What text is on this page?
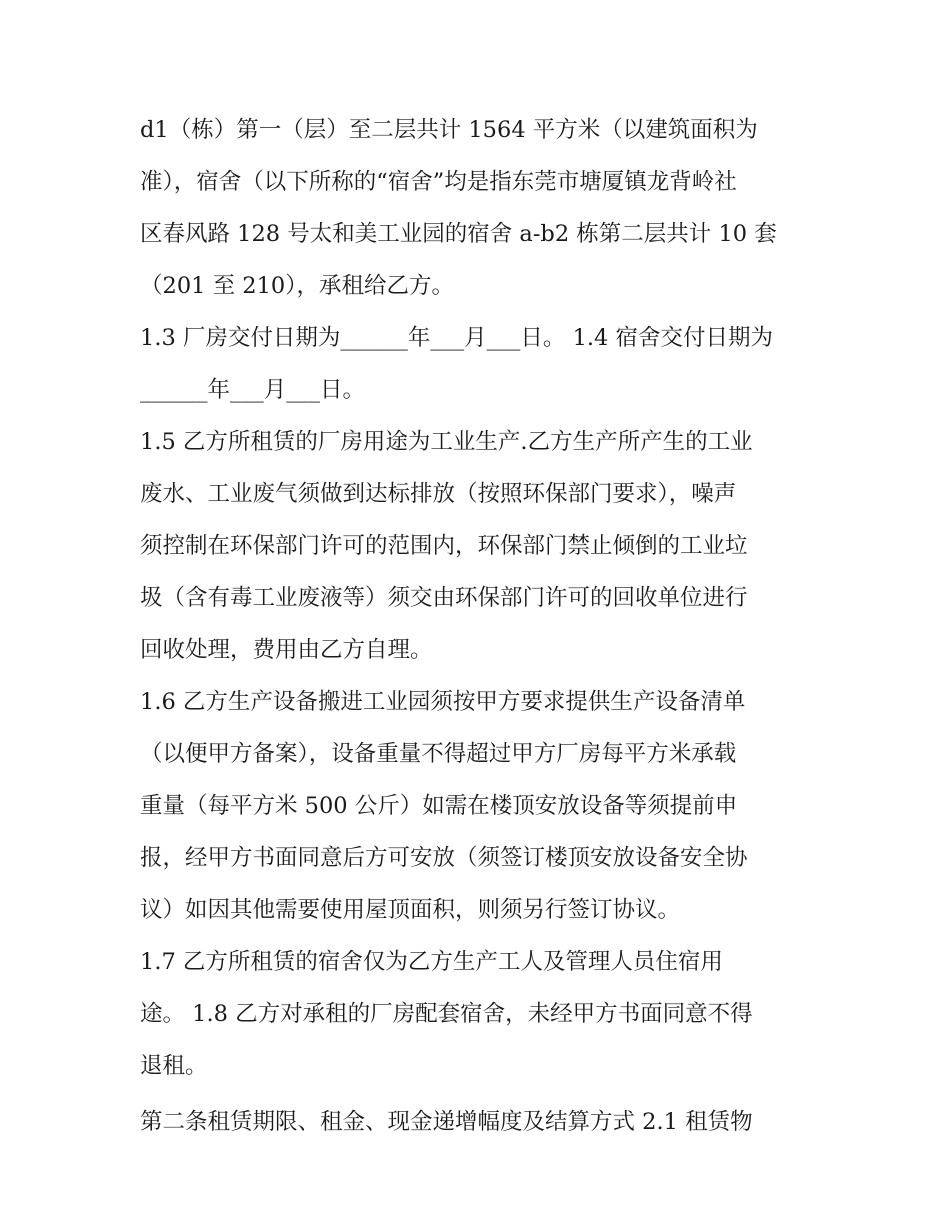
d1（栋）第一（层）至二层共计 1564 平方米（以建筑面积为
准），宿舍（以下所称的“宿舍”均是指东莞市塘厦镇龙背岭社
区春风路 128 号太和美工业园的宿舍 a-b2 栋第二层共计 10 套
（201 至 210），承租给乙方。
1.3 厂房交付日期为______年___月___日。 1.4 宿舍交付日期为
______年___月___日。
1.5 乙方所租赁的厂房用途为工业生产.乙方生产所产生的工业
废水、工业废气须做到达标排放（按照环保部门要求），噪声
须控制在环保部门许可的范围内，环保部门禁止倾倒的工业垃
圾（含有毒工业废液等）须交由环保部门许可的回收单位进行
回收处理，费用由乙方自理。
1.6 乙方生产设备搬进工业园须按甲方要求提供生产设备清单
（以便甲方备案），设备重量不得超过甲方厂房每平方米承载
重量（每平方米 500 公斤）如需在楼顶安放设备等须提前申
报，经甲方书面同意后方可安放（须签订楼顶安放设备安全协
议）如因其他需要使用屋顶面积，则须另行签订协议。
1.7 乙方所租赁的宿舍仅为乙方生产工人及管理人员住宿用
途。 1.8 乙方对承租的厂房配套宿舍，未经甲方书面同意不得
退租。
第二条租赁期限、租金、现金递增幅度及结算方式 2.1 租赁物
